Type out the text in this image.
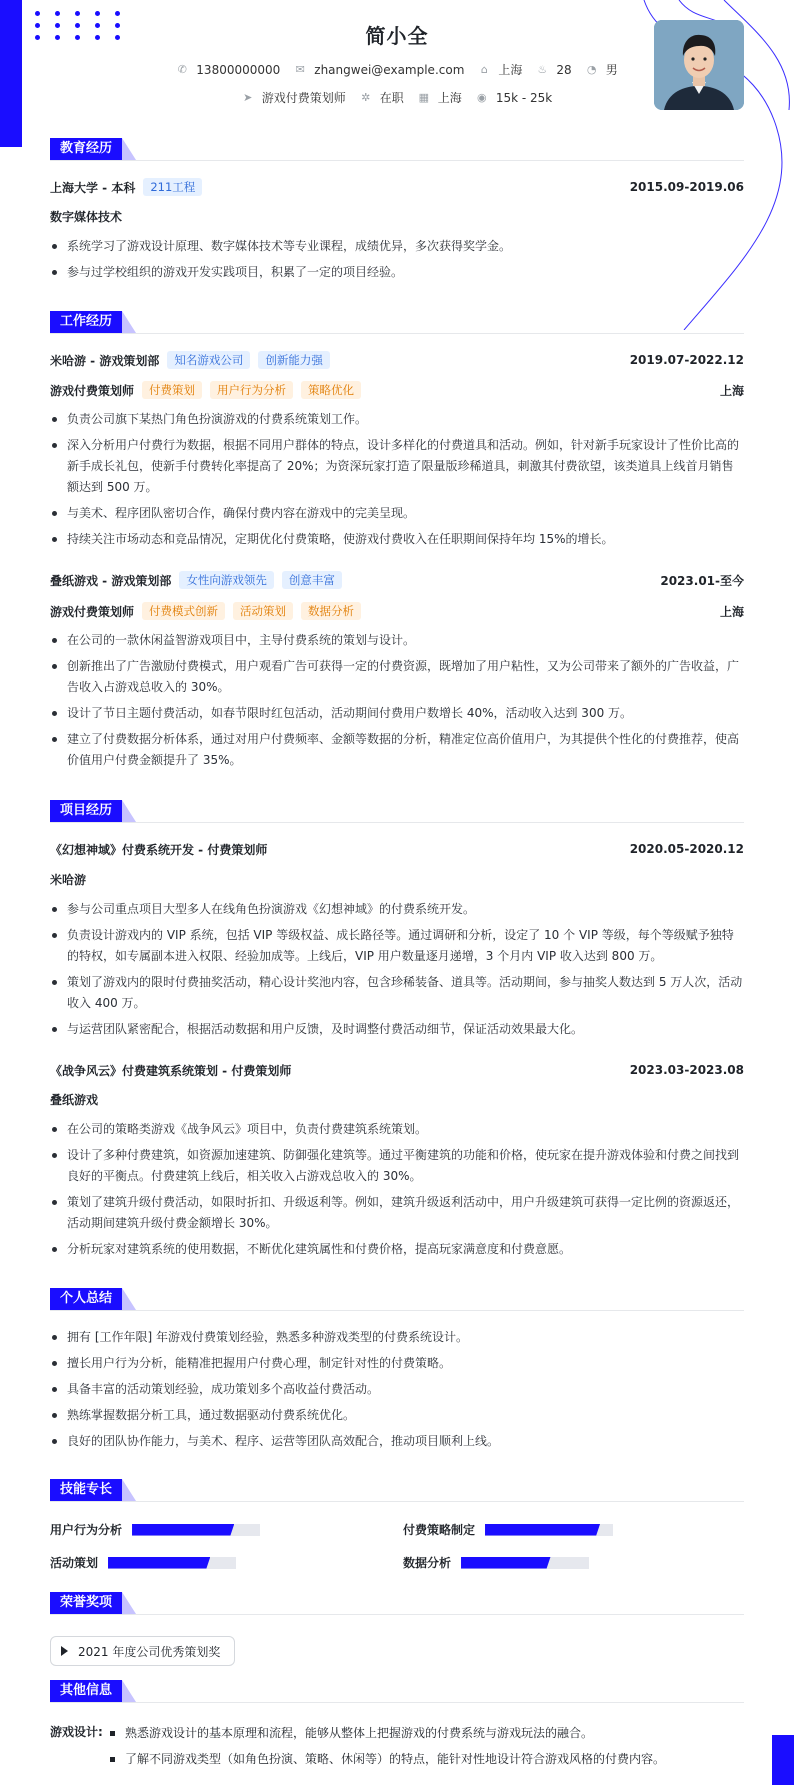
简小全
✆ 13800000000 ✉ zhangwei@example.com ⌂ 上海 ♨ 28 ◔ 男
➤ 游戏付费策划师 ✲ 在职 ▦ 上海 ◉ 15k - 25k
教育经历
上海大学 - 本科	211工程	2015.09-2019.06
数字媒体技术
系统学习了游戏设计原理、数字媒体技术等专业课程，成绩优异，多次获得奖学金。
参与过学校组织的游戏开发实践项目，积累了一定的项目经验。
工作经历
米哈游 - 游戏策划部	知名游戏公司	创新能力强	2019.07-2022.12
游戏付费策划师	付费策划	用户行为分析	策略优化	上海
负责公司旗下某热门角色扮演游戏的付费系统策划工作。
深入分析用户付费行为数据，根据不同用户群体的特点，设计多样化的付费道具和活动。例如，针对新手玩家设计了性价比高的新手成长礼包，使新手付费转化率提高了 20%；为资深玩家打造了限量版珍稀道具，刺激其付费欲望，该类道具上线首月销售额达到 500 万。
与美术、程序团队密切合作，确保付费内容在游戏中的完美呈现。
持续关注市场动态和竞品情况，定期优化付费策略，使游戏付费收入在任职期间保持年均 15%的增长。
叠纸游戏 - 游戏策划部	女性向游戏领先	创意丰富	2023.01-至今
游戏付费策划师	付费模式创新	活动策划	数据分析	上海
在公司的一款休闲益智游戏项目中，主导付费系统的策划与设计。
创新推出了广告激励付费模式，用户观看广告可获得一定的付费资源，既增加了用户粘性，又为公司带来了额外的广告收益，广告收入占游戏总收入的 30%。
设计了节日主题付费活动，如春节限时红包活动，活动期间付费用户数增长 40%，活动收入达到 300 万。
建立了付费数据分析体系，通过对用户付费频率、金额等数据的分析，精准定位高价值用户，为其提供个性化的付费推荐，使高价值用户付费金额提升了 35%。
项目经历
《幻想神域》付费系统开发 - 付费策划师	2020.05-2020.12
米哈游
参与公司重点项目大型多人在线角色扮演游戏《幻想神域》的付费系统开发。
负责设计游戏内的 VIP 系统，包括 VIP 等级权益、成长路径等。通过调研和分析，设定了 10 个 VIP 等级，每个等级赋予独特的特权，如专属副本进入权限、经验加成等。上线后，VIP 用户数量逐月递增，3 个月内 VIP 收入达到 800 万。
策划了游戏内的限时付费抽奖活动，精心设计奖池内容，包含珍稀装备、道具等。活动期间，参与抽奖人数达到 5 万人次，活动收入 400 万。
与运营团队紧密配合，根据活动数据和用户反馈，及时调整付费活动细节，保证活动效果最大化。
《战争风云》付费建筑系统策划 - 付费策划师	2023.03-2023.08
叠纸游戏
在公司的策略类游戏《战争风云》项目中，负责付费建筑系统策划。
设计了多种付费建筑，如资源加速建筑、防御强化建筑等。通过平衡建筑的功能和价格，使玩家在提升游戏体验和付费之间找到良好的平衡点。付费建筑上线后，相关收入占游戏总收入的 30%。
策划了建筑升级付费活动，如限时折扣、升级返利等。例如，建筑升级返利活动中，用户升级建筑可获得一定比例的资源返还，活动期间建筑升级付费金额增长 30%。
分析玩家对建筑系统的使用数据，不断优化建筑属性和付费价格，提高玩家满意度和付费意愿。
个人总结
拥有 [工作年限] 年游戏付费策划经验，熟悉多种游戏类型的付费系统设计。
擅长用户行为分析，能精准把握用户付费心理，制定针对性的付费策略。
具备丰富的活动策划经验，成功策划多个高收益付费活动。
熟练掌握数据分析工具，通过数据驱动付费系统优化。
良好的团队协作能力，与美术、程序、运营等团队高效配合，推动项目顺利上线。
技能专长
用户行为分析	付费策略制定
活动策划	数据分析
荣誉奖项
2021 年度公司优秀策划奖
其他信息
游戏设计:	熟悉游戏设计的基本原理和流程，能够从整体上把握游戏的付费系统与游戏玩法的融合。
了解不同游戏类型（如角色扮演、策略、休闲等）的特点，能针对性地设计符合游戏风格的付费内容。
